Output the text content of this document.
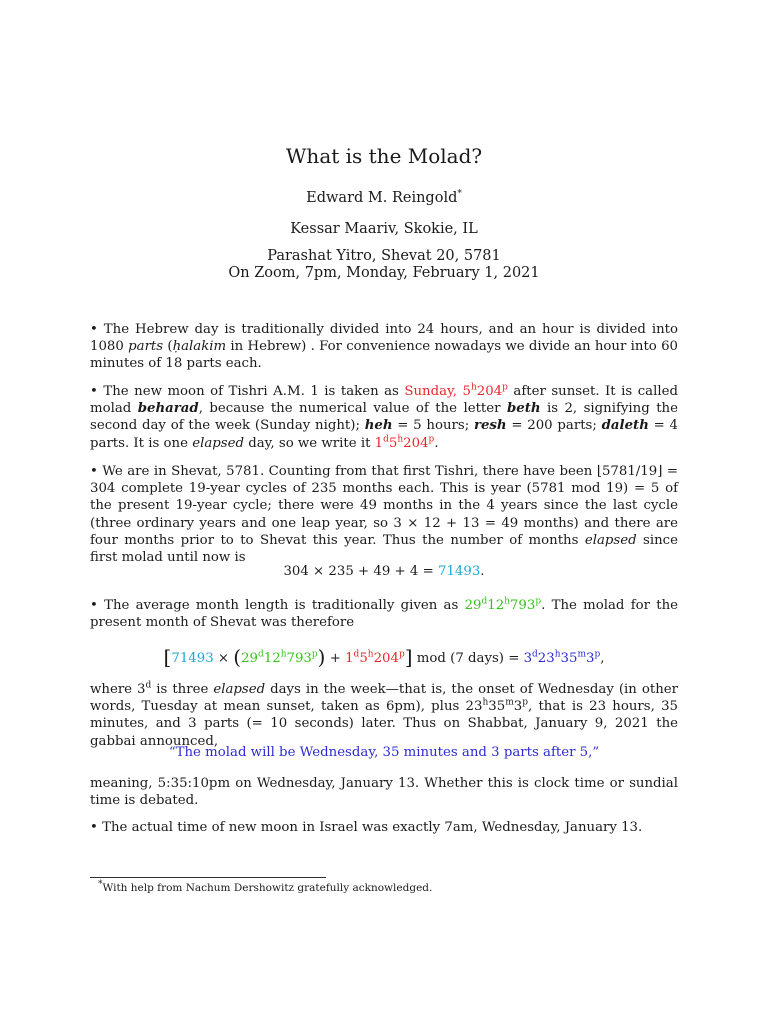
What is the Molad?
Edward M. Reingold*
Kessar Maariv, Skokie, IL
Parashat Yitro, Shevat 20, 5781
On Zoom, 7pm, Monday, February 1, 2021
• The Hebrew day is traditionally divided into 24 hours, and an hour is divided into 1080 parts (ḥalakim in Hebrew) . For convenience nowadays we divide an hour into 60 minutes of 18 parts each.
• The new moon of Tishri A.M. 1 is taken as Sunday, 5$^h$204$^p$ after sunset. It is called molad beharad, because the numerical value of the letter beth is 2, signifying the second day of the week (Sunday night); heh = 5 hours; resh = 200 parts; daleth = 4 parts. It is one elapsed day, so we write it 1$^d$5$^h$204$^p$.
• We are in Shevat, 5781. Counting from that first Tishri, there have been ⌊5781/19⌋ = 304 complete 19-year cycles of 235 months each. This is year (5781 mod 19) = 5 of the present 19-year cycle; there were 49 months in the 4 years since the last cycle (three ordinary years and one leap year, so 3 × 12 + 13 = 49 months) and there are four months prior to to Shevat this year. Thus the number of months elapsed since first molad until now is
304 × 235 + 49 + 4 = 71493.
• The average month length is traditionally given as 29$^d$12$^h$793$^p$. The molad for the present month of Shevat was therefore
$[71493 \times (29^d12^h793^p) + 1^d5^h204^p]$ mod (7 days) = $3^d23^h35^m3^p$,
where 3$^d$ is three elapsed days in the week—that is, the onset of Wednesday (in other words, Tuesday at mean sunset, taken as 6pm), plus 23$^h$35$^m$3$^p$, that is 23 hours, 35 minutes, and 3 parts (= 10 seconds) later. Thus on Shabbat, January 9, 2021 the gabbai announced,
“The molad will be Wednesday, 35 minutes and 3 parts after 5,”
meaning, 5:35:10pm on Wednesday, January 13. Whether this is clock time or sundial time is debated.
• The actual time of new moon in Israel was exactly 7am, Wednesday, January 13.
*With help from Nachum Dershowitz gratefully acknowledged.
